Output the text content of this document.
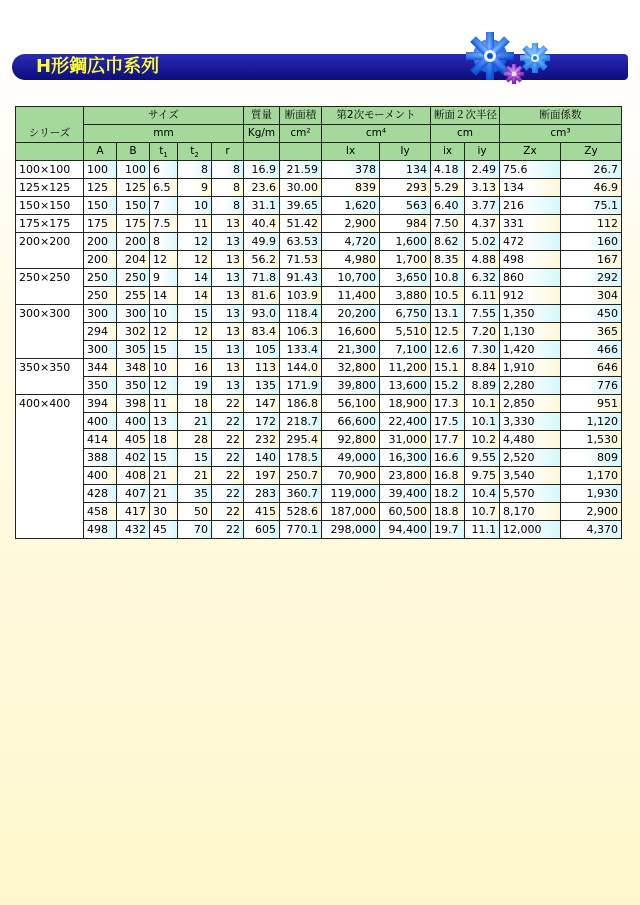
H形鋼広巾系列
シリーズ	サイズ					質量	断面積	第2次モーメント		断面２次半径		断面係数	
	mm					Kg/m	cm²	cm⁴		cm		cm³	
	A	B	$t_1$	$t_2$	r			Ix	Iy	ix	iy	Zx	Zy
100×100	100	100	6	8	8	16.9	21.59	378	134	4.18	2.49	75.6	26.7
125×125	125	125	6.5	9	8	23.6	30.00	839	293	5.29	3.13	134	46.9
150×150	150	150	7	10	8	31.1	39.65	1,620	563	6.40	3.77	216	75.1
175×175	175	175	7.5	11	13	40.4	51.42	2,900	984	7.50	4.37	331	112
200×200	200	200	8	12	13	49.9	63.53	4,720	1,600	8.62	5.02	472	160
	200	204	12	12	13	56.2	71.53	4,980	1,700	8.35	4.88	498	167
250×250	250	250	9	14	13	71.8	91.43	10,700	3,650	10.8	6.32	860	292
	250	255	14	14	13	81.6	103.9	11,400	3,880	10.5	6.11	912	304
300×300	300	300	10	15	13	93.0	118.4	20,200	6,750	13.1	7.55	1,350	450
	294	302	12	12	13	83.4	106.3	16,600	5,510	12.5	7.20	1,130	365
	300	305	15	15	13	105	133.4	21,300	7,100	12.6	7.30	1,420	466
350×350	344	348	10	16	13	113	144.0	32,800	11,200	15.1	8.84	1,910	646
	350	350	12	19	13	135	171.9	39,800	13,600	15.2	8.89	2,280	776
400×400	394	398	11	18	22	147	186.8	56,100	18,900	17.3	10.1	2,850	951
	400	400	13	21	22	172	218.7	66,600	22,400	17.5	10.1	3,330	1,120
	414	405	18	28	22	232	295.4	92,800	31,000	17.7	10.2	4,480	1,530
	388	402	15	15	22	140	178.5	49,000	16,300	16.6	9.55	2,520	809
	400	408	21	21	22	197	250.7	70,900	23,800	16.8	9.75	3,540	1,170
	428	407	21	35	22	283	360.7	119,000	39,400	18.2	10.4	5,570	1,930
	458	417	30	50	22	415	528.6	187,000	60,500	18.8	10.7	8,170	2,900
	498	432	45	70	22	605	770.1	298,000	94,400	19.7	11.1	12,000	4,370
